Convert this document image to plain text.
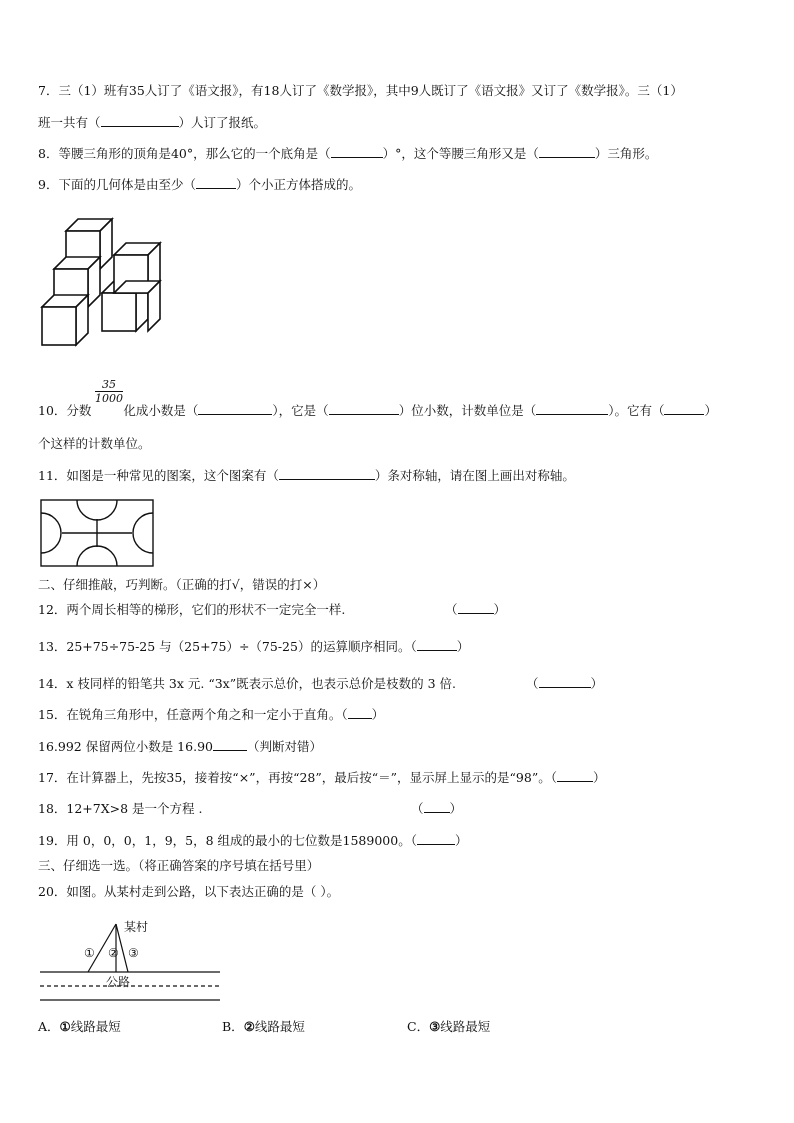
7．三（1）班有35人订了《语文报》，有18人订了《数学报》，其中9人既订了《语文报》又订了《数学报》。三（1）
班一共有（	）人订了报纸。
8．等腰三角形的顶角是40°，那么它的一个底角是（	）°，这个等腰三角形又是（	）三角形。
9．下面的几何体是由至少（	）个小正方体搭成的。
$\frac{35}{1000}$
10．分数	化成小数是（	），它是（	）位小数，计数单位是（	）。它有（	）
个这样的计数单位。
11．如图是一种常见的图案，这个图案有（	）条对称轴，请在图上画出对称轴。
二、仔细推敲，巧判断。（正确的打√，错误的打×）
12．两个周长相等的梯形，它们的形状不一定完全一样.	（	）
13．25+75÷75-25 与（25+75）÷（75-25）的运算顺序相同。（	）
14．x 枝同样的铅笔共 3x 元. “3x”既表示总价，也表示总价是枝数的 3 倍.	（	）
15．在锐角三角形中，任意两个角之和一定小于直角。（ ）
16.992 保留两位小数是 16.90	（判断对错）
17．在计算器上，先按35，接着按“×”，再按“28”，最后按“＝”，显示屏上显示的是“98”。（	）
18．12+7X>8 是一个方程 .	（ ）
19．用 0，0，0，1，9，5，8 组成的最小的七位数是1589000。（	）
三、仔细选一选。（将正确答案的序号填在括号里）
20．如图。从某村走到公路，以下表达正确的是（ ）。
某村
公路
① ② ③
A．①线路最短	B．②线路最短	C．③线路最短
